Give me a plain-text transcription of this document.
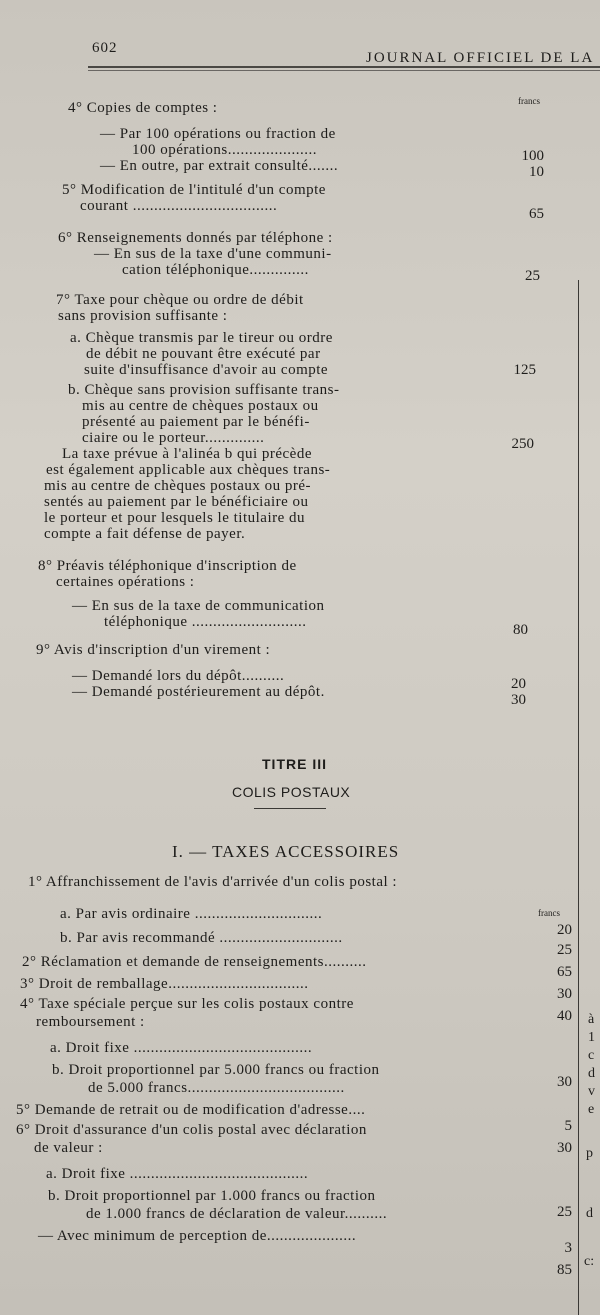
602
JOURNAL OFFICIEL DE LA
francs
4° Copies de comptes :
— Par 100 opérations ou fraction de
100 opérations.....................
— En outre, par extrait consulté.......
5° Modification de l'intitulé d'un compte
courant ..................................
6° Renseignements donnés par téléphone :
— En sus de la taxe d'une communi-
cation téléphonique..............
7° Taxe pour chèque ou ordre de débit
sans provision suffisante :
a. Chèque transmis par le tireur ou ordre
de débit ne pouvant être exécuté par
suite d'insuffisance d'avoir au compte
b. Chèque sans provision suffisante trans-
mis au centre de chèques postaux ou
présenté au paiement par le bénéfi-
ciaire ou le porteur..............
La taxe prévue à l'alinéa b qui précède
est également applicable aux chèques trans-
mis au centre de chèques postaux ou pré-
sentés au paiement par le bénéficiaire ou
le porteur et pour lesquels le titulaire du
compte a fait défense de payer.
8° Préavis téléphonique d'inscription de
certaines opérations :
— En sus de la taxe de communication
téléphonique ...........................
9° Avis d'inscription d'un virement :
— Demandé lors du dépôt..........
— Demandé postérieurement au dépôt.
100
10
65
25
125
250
80
20
30
TITRE III
COLIS POSTAUX
I. — TAXES ACCESSOIRES
1° Affranchissement de l'avis d'arrivée d'un colis postal :
a. Par avis ordinaire ..............................
b. Par avis recommandé .............................
2° Réclamation et demande de renseignements..........
3° Droit de remballage.................................
4° Taxe spéciale perçue sur les colis postaux contre
remboursement :
a. Droit fixe ..........................................
b. Droit proportionnel par 5.000 francs ou fraction
de 5.000 francs.....................................
5° Demande de retrait ou de modification d'adresse....
6° Droit d'assurance d'un colis postal avec déclaration
de valeur :
a. Droit fixe ..........................................
b. Droit proportionnel par 1.000 francs ou fraction
de 1.000 francs de déclaration de valeur..........
— Avec minimum de perception de.....................
francs
20
25
65
30
40
30
5
30
25
3
85
à
1
c
d
v
e
p
d
c:
